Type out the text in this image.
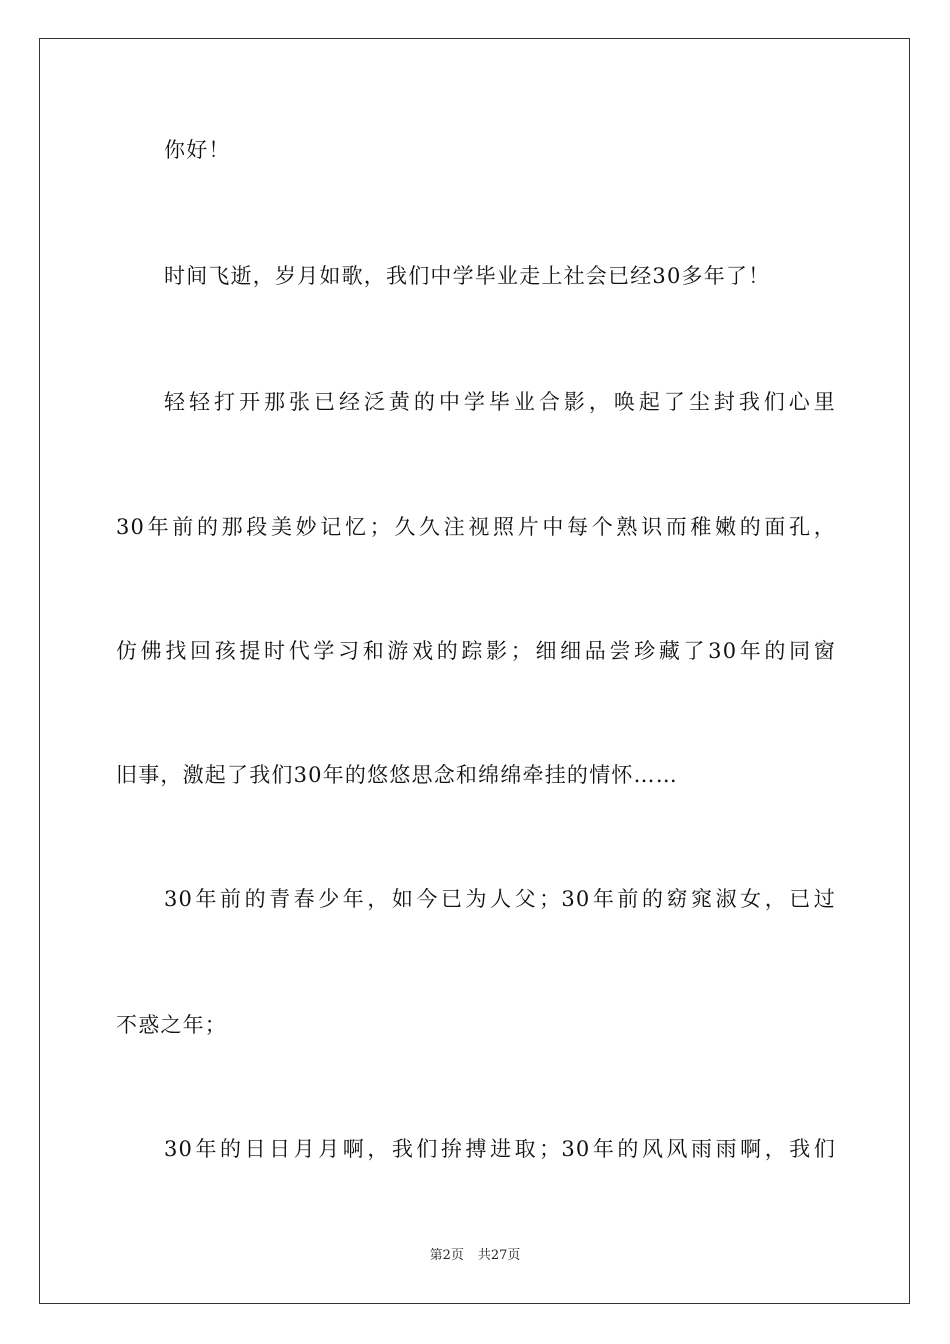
你好！
时间飞逝，岁月如歌，我们中学毕业走上社会已经30多年了！
轻轻打开那张已经泛黄的中学毕业合影，唤起了尘封我们心里
30年前的那段美妙记忆；久久注视照片中每个熟识而稚嫩的面孔，
仿佛找回孩提时代学习和游戏的踪影；细细品尝珍藏了30年的同窗
旧事，激起了我们30年的悠悠思念和绵绵牵挂的情怀……
30年前的青春少年，如今已为人父；30年前的窈窕淑女，已过
不惑之年；
30年的日日月月啊，我们拚搏进取；30年的风风雨雨啊，我们
第2页 共27页
